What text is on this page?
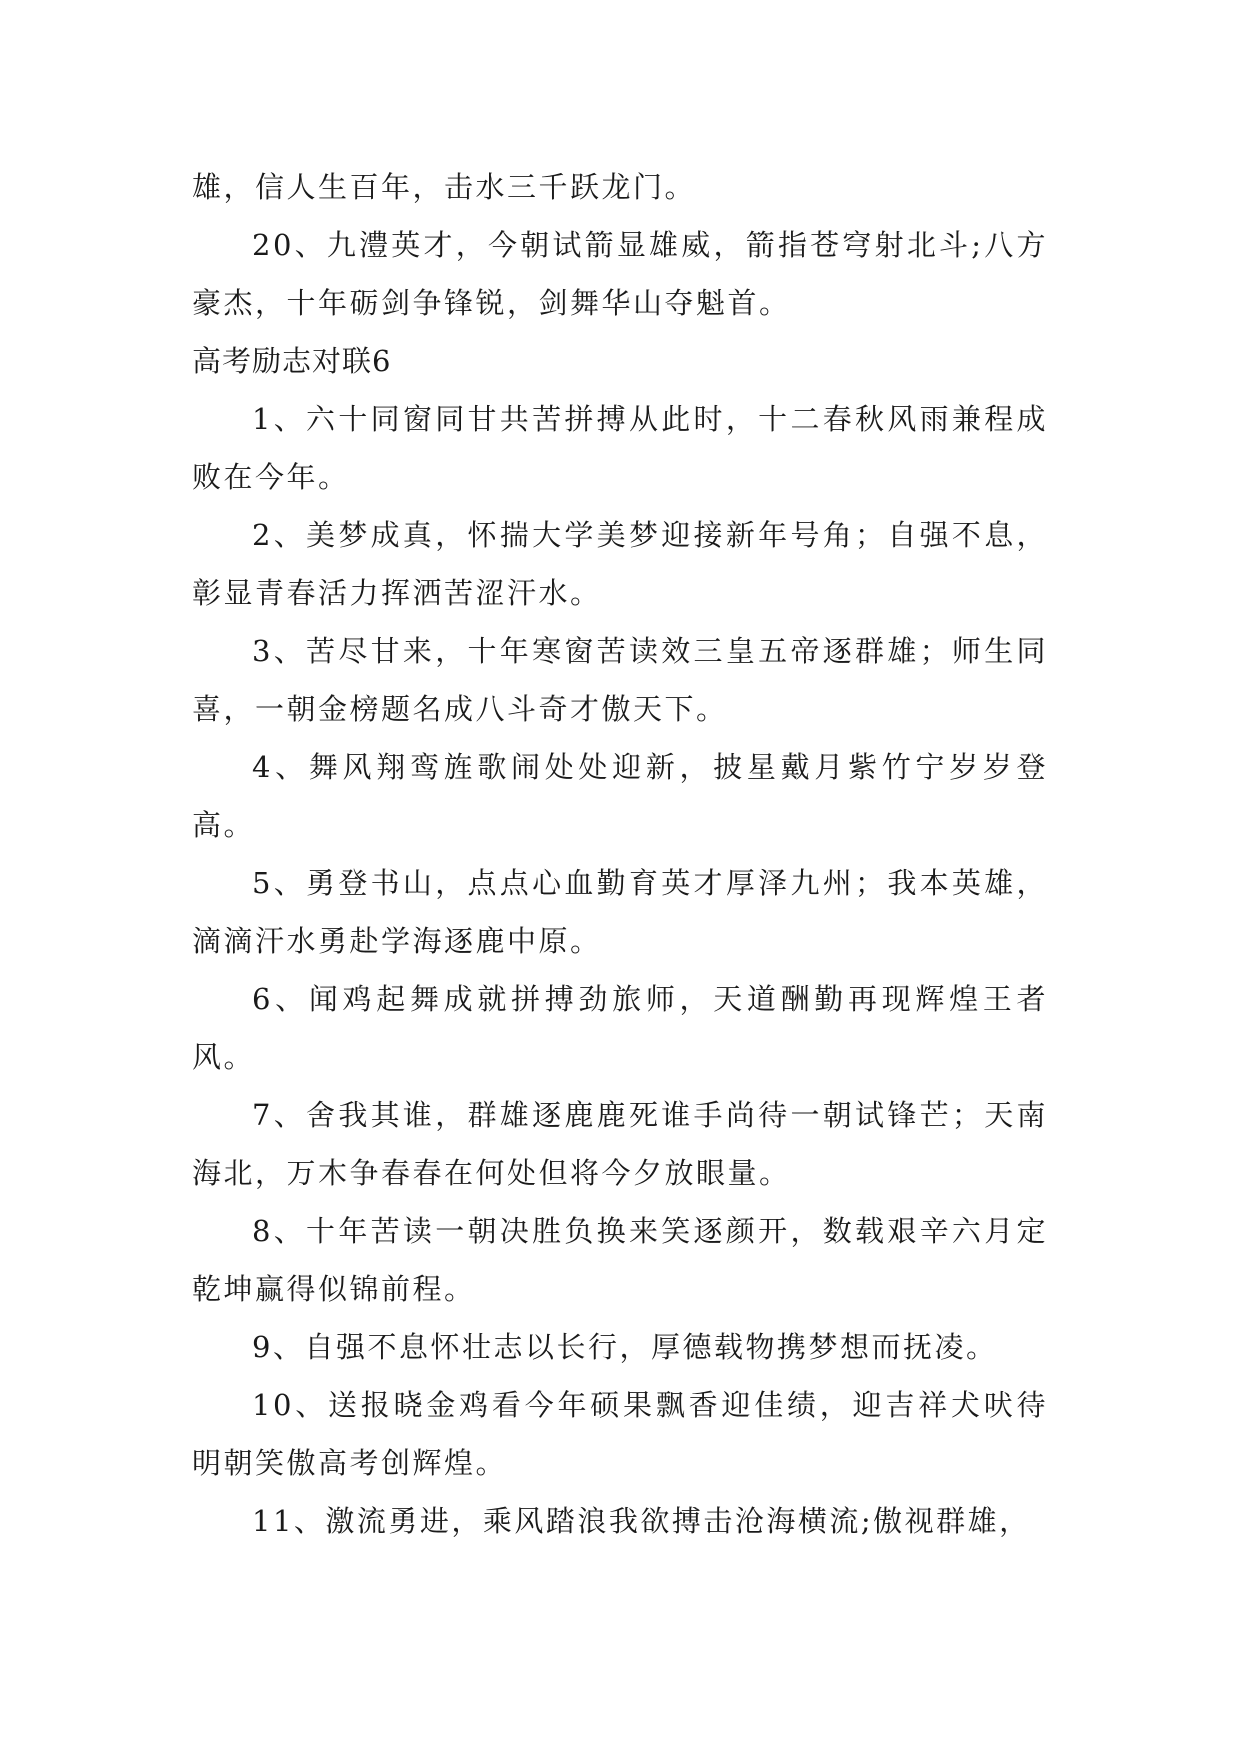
雄，信人生百年，击水三千跃龙门。

20、九澧英才，今朝试箭显雄威，箭指苍穹射北斗;八方豪杰，十年砺剑争锋锐，剑舞华山夺魁首。

高考励志对联6

1、六十同窗同甘共苦拼搏从此时，十二春秋风雨兼程成败在今年。

2、美梦成真，怀揣大学美梦迎接新年号角；自强不息，彰显青春活力挥洒苦涩汗水。

3、苦尽甘来，十年寒窗苦读效三皇五帝逐群雄；师生同喜，一朝金榜题名成八斗奇才傲天下。

4、舞风翔鸾旌歌闹处处迎新，披星戴月紫竹宁岁岁登高。

5、勇登书山，点点心血勤育英才厚泽九州；我本英雄，滴滴汗水勇赴学海逐鹿中原。

6、闻鸡起舞成就拼搏劲旅师，天道酬勤再现辉煌王者风。

7、舍我其谁，群雄逐鹿鹿死谁手尚待一朝试锋芒；天南海北，万木争春春在何处但将今夕放眼量。

8、十年苦读一朝决胜负换来笑逐颜开，数载艰辛六月定乾坤赢得似锦前程。

9、自强不息怀壮志以长行，厚德载物携梦想而抚凌。

10、送报晓金鸡看今年硕果飘香迎佳绩，迎吉祥犬吠待明朝笑傲高考创辉煌。

11、激流勇进，乘风踏浪我欲搏击沧海横流;傲视群雄，
